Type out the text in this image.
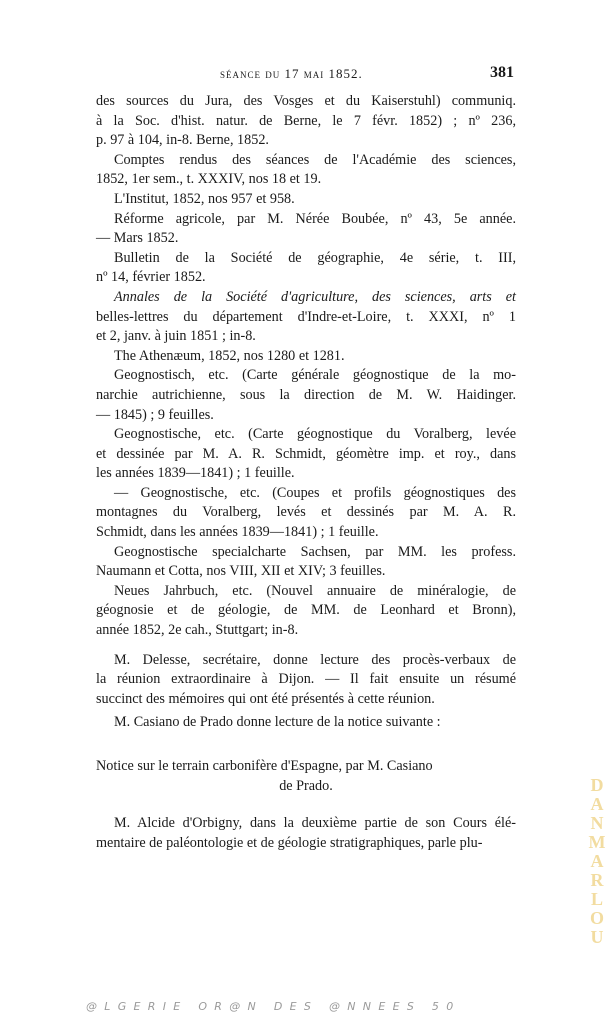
séance du 17 mai 1852.	381
des sources du Jura, des Vosges et du Kaiserstuhl) communiq.
à la Soc. d'hist. natur. de Berne, le 7 févr. 1852) ; nº 236,
p. 97 à 104, in-8. Berne, 1852.
Comptes rendus des séances de l'Académie des sciences,
1852, 1er sem., t. XXXIV, nos 18 et 19.
L'Institut, 1852, nos 957 et 958.
Réforme agricole, par M. Nérée Boubée, nº 43, 5e année.
— Mars 1852.
Bulletin de la Société de géographie, 4e série, t. III,
nº 14, février 1852.
Annales de la Société d'agriculture, des sciences, arts et
belles-lettres du département d'Indre-et-Loire, t. XXXI, nº 1
et 2, janv. à juin 1851 ; in-8.
The Athenæum, 1852, nos 1280 et 1281.
Geognostisch, etc. (Carte générale géognostique de la mo-
narchie autrichienne, sous la direction de M. W. Haidinger.
— 1845) ; 9 feuilles.
Geognostische, etc. (Carte géognostique du Voralberg, levée
et dessinée par M. A. R. Schmidt, géomètre imp. et roy., dans
les années 1839—1841) ; 1 feuille.
— Geognostische, etc. (Coupes et profils géognostiques des
montagnes du Voralberg, levés et dessinés par M. A. R.
Schmidt, dans les années 1839—1841) ; 1 feuille.
Geognostische specialcharte Sachsen, par MM. les profess.
Naumann et Cotta, nos VIII, XII et XIV; 3 feuilles.
Neues Jahrbuch, etc. (Nouvel annuaire de minéralogie, de
géognosie et de géologie, de MM. de Leonhard et Bronn),
année 1852, 2e cah., Stuttgart; in-8.
M. Delesse, secrétaire, donne lecture des procès-verbaux de
la réunion extraordinaire à Dijon. — Il fait ensuite un résumé
succinct des mémoires qui ont été présentés à cette réunion.
M. Casiano de Prado donne lecture de la notice suivante :
Notice sur le terrain carbonifère d'Espagne, par M. Casiano
de Prado.
M. Alcide d'Orbigny, dans la deuxième partie de son Cours élé-
mentaire de paléontologie et de géologie stratigraphiques, parle plu-
D
A
N
M
A
R
L
O
U
@LGERIE OR@N DES @NNEES 50
